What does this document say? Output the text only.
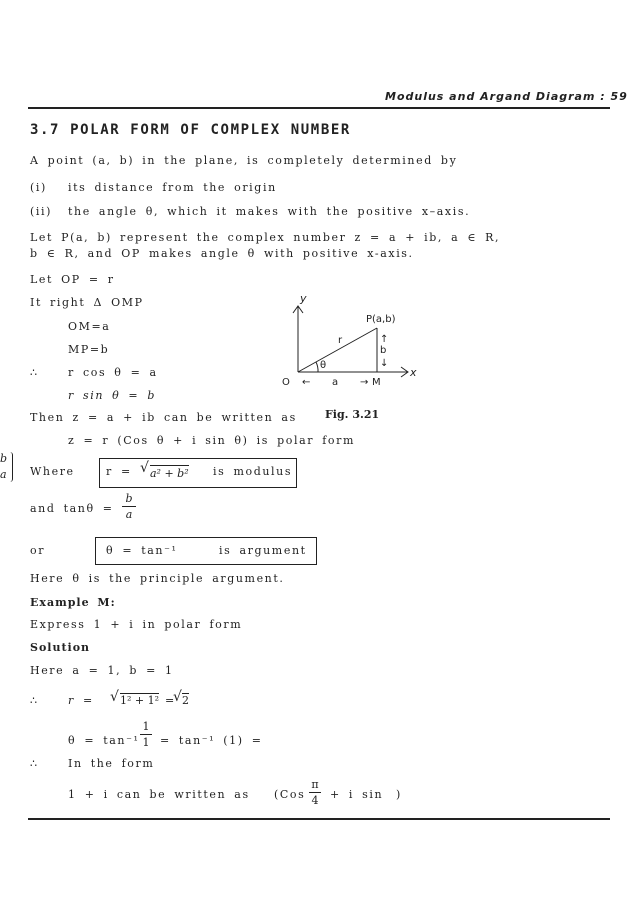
Modulus and Argand Diagram : 59
3.7 POLAR FORM OF COMPLEX NUMBER
b
a
A point (a, b) in the plane, is completely determined by
(i) its distance from the origin
(ii) the angle θ, which it makes with the positive x–axis.
Let P(a, b) represent the complex number z = a + ib, a ∈ R,
b ∈ R, and OP makes angle θ with positive x-axis.
Let OP = r
It right Δ OMP
OM=a
MP=b
∴	r cos θ = a
r sin θ = b
Then z = a + ib can be written as
z = r (Cos θ + i sin θ) is polar form
Where	r = √ a² + b² is modulus
and tanθ =
b
a
or	θ = tan⁻¹	is argument
Here θ is the principle argument.
Example M:
Express 1 + i in polar form
Solution
Here a = 1, b = 1
∴	r = √ 1² + 1² =
√ 2
θ = tan⁻¹
1
1 = tan⁻¹ (1) =
∴	In the form
1 + i can be written as (Cos
π
4 + i sin )
y
x
P(a,b)
r	↑
b
↓
θ
O ← a → M
Fig. 3.21
